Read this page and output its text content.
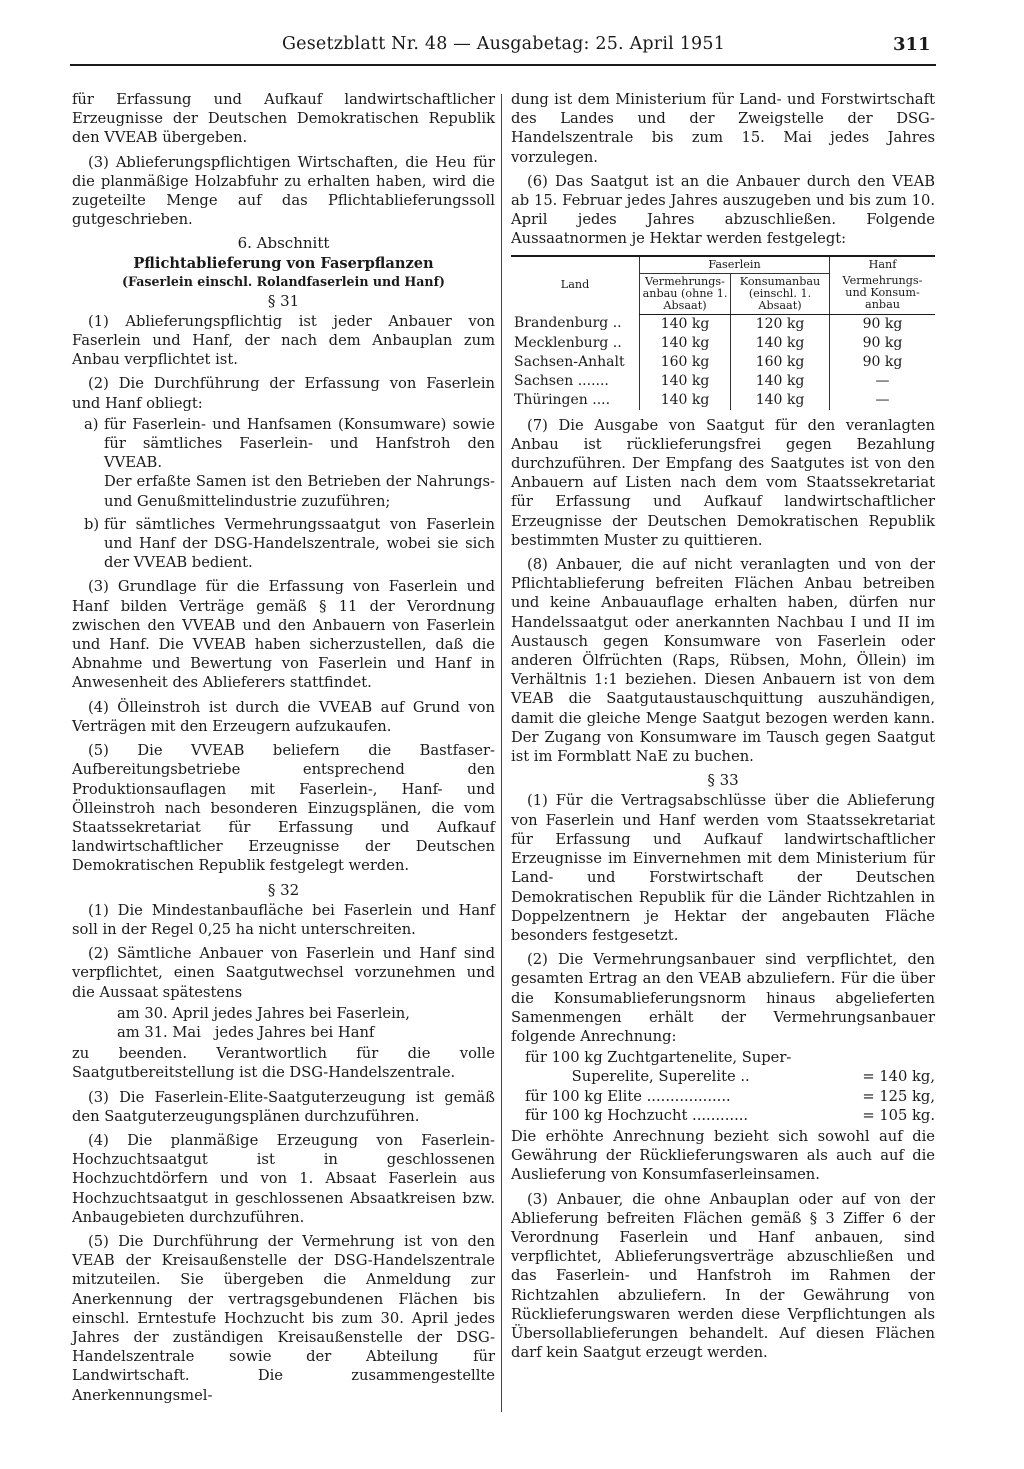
Gesetzblatt Nr. 48 — Ausgabetag: 25. April 1951	311

für Erfassung und Aufkauf landwirtschaftlicher Erzeugnisse der Deutschen Demokratischen Republik den VVEAB übergeben.

(3) Ablieferungspflichtigen Wirtschaften, die Heu für die planmäßige Holzabfuhr zu erhalten haben, wird die zugeteilte Menge auf das Pflichtablieferungssoll gutgeschrieben.

6. Abschnitt
Pflichtablieferung von Faserpflanzen
(Faserlein einschl. Rolandfaserlein und Hanf)
§ 31

(1) Ablieferungspflichtig ist jeder Anbauer von Faserlein und Hanf, der nach dem Anbauplan zum Anbau verpflichtet ist.

(2) Die Durchführung der Erfassung von Faserlein und Hanf obliegt:

a) für Faserlein- und Hanfsamen (Konsumware) sowie für sämtliches Faserlein- und Hanfstroh den VVEAB.

Der erfaßte Samen ist den Betrieben der Nahrungs- und Genußmittelindustrie zuzuführen;

b) für sämtliches Vermehrungssaatgut von Faserlein und Hanf der DSG-Handelszentrale, wobei sie sich der VVEAB bedient.

(3) Grundlage für die Erfassung von Faserlein und Hanf bilden Verträge gemäß § 11 der Verordnung zwischen den VVEAB und den Anbauern von Faserlein und Hanf. Die VVEAB haben sicherzustellen, daß die Abnahme und Bewertung von Faserlein und Hanf in Anwesenheit des Ablieferers stattfindet.

(4) Ölleinstroh ist durch die VVEAB auf Grund von Verträgen mit den Erzeugern aufzukaufen.

(5) Die VVEAB beliefern die Bastfaser-Aufbereitungsbetriebe entsprechend den Produktionsauflagen mit Faserlein-, Hanf- und Ölleinstroh nach besonderen Einzugsplänen, die vom Staatssekretariat für Erfassung und Aufkauf landwirtschaftlicher Erzeugnisse der Deutschen Demokratischen Republik festgelegt werden.

§ 32

(1) Die Mindestanbaufläche bei Faserlein und Hanf soll in der Regel 0,25 ha nicht unterschreiten.

(2) Sämtliche Anbauer von Faserlein und Hanf sind verpflichtet, einen Saatgutwechsel vorzunehmen und die Aussaat spätestens

am 30. April jedes Jahres bei Faserlein,
am 31. Mai   jedes Jahres bei Hanf

zu beenden. Verantwortlich für die volle Saatgutbereitstellung ist die DSG-Handelszentrale.

(3) Die Faserlein-Elite-Saatguterzeugung ist gemäß den Saatguterzeugungsplänen durchzuführen.

(4) Die planmäßige Erzeugung von Faserlein-Hochzuchtsaatgut ist in geschlossenen Hochzuchtdörfern und von 1. Absaat Faserlein aus Hochzuchtsaatgut in geschlossenen Absaatkreisen bzw. Anbaugebieten durchzuführen.

(5) Die Durchführung der Vermehrung ist von den VEAB der Kreisaußenstelle der DSG-Handelszentrale mitzuteilen. Sie übergeben die Anmeldung zur Anerkennung der vertragsgebundenen Flächen bis einschl. Erntestufe Hochzucht bis zum 30. April jedes Jahres der zuständigen Kreisaußenstelle der DSG-Handelszentrale sowie der Abteilung für Landwirtschaft. Die zusammengestellte Anerkennungsmel-

dung ist dem Ministerium für Land- und Forstwirtschaft des Landes und der Zweigstelle der DSG-Handelszentrale bis zum 15. Mai jedes Jahres vorzulegen.

(6) Das Saatgut ist an die Anbauer durch den VEAB ab 15. Februar jedes Jahres auszugeben und bis zum 10. April jedes Jahres abzuschließen. Folgende Aussaatnormen je Hektar werden festgelegt:

Land	Faserlein		Hanf
	Vermehrungs-anbau (ohne 1. Absaat)	Konsumanbau (einschl. 1. Absaat)	Vermehrungs- und Konsum-anbau
Brandenburg ..	140 kg	120 kg	90 kg
Mecklenburg ..	140 kg	140 kg	90 kg
Sachsen-Anhalt	160 kg	160 kg	90 kg
Sachsen .......	140 kg	140 kg	—
Thüringen ....	140 kg	140 kg	—

(7) Die Ausgabe von Saatgut für den veranlagten Anbau ist rücklieferungsfrei gegen Bezahlung durchzuführen. Der Empfang des Saatgutes ist von den Anbauern auf Listen nach dem vom Staatssekretariat für Erfassung und Aufkauf landwirtschaftlicher Erzeugnisse der Deutschen Demokratischen Republik bestimmten Muster zu quittieren.

(8) Anbauer, die auf nicht veranlagten und von der Pflichtablieferung befreiten Flächen Anbau betreiben und keine Anbauauflage erhalten haben, dürfen nur Handelssaatgut oder anerkannten Nachbau I und II im Austausch gegen Konsumware von Faserlein oder anderen Ölfrüchten (Raps, Rübsen, Mohn, Öllein) im Verhältnis 1:1 beziehen. Diesen Anbauern ist von dem VEAB die Saatgutaustauschquittung auszuhändigen, damit die gleiche Menge Saatgut bezogen werden kann. Der Zugang von Konsumware im Tausch gegen Saatgut ist im Formblatt NaE zu buchen.

§ 33

(1) Für die Vertragsabschlüsse über die Ablieferung von Faserlein und Hanf werden vom Staatssekretariat für Erfassung und Aufkauf landwirtschaftlicher Erzeugnisse im Einvernehmen mit dem Ministerium für Land- und Forstwirtschaft der Deutschen Demokratischen Republik für die Länder Richtzahlen in Doppelzentnern je Hektar der angebauten Fläche besonders festgesetzt.

(2) Die Vermehrungsanbauer sind verpflichtet, den gesamten Ertrag an den VEAB abzuliefern. Für die über die Konsumablieferungsnorm hinaus abgelieferten Samenmengen erhält der Vermehrungsanbauer folgende Anrechnung:

für 100 kg Zuchtgartenelite, Super-
Superelite, Superelite ..	= 140 kg,
für 100 kg Elite ..................	= 125 kg,
für 100 kg Hochzucht ............	= 105 kg.

Die erhöhte Anrechnung bezieht sich sowohl auf die Gewährung der Rücklieferungswaren als auch auf die Auslieferung von Konsumfaserleinsamen.

(3) Anbauer, die ohne Anbauplan oder auf von der Ablieferung befreiten Flächen gemäß § 3 Ziffer 6 der Verordnung Faserlein und Hanf anbauen, sind verpflichtet, Ablieferungsverträge abzuschließen und das Faserlein- und Hanfstroh im Rahmen der Richtzahlen abzuliefern. In der Gewährung von Rücklieferungswaren werden diese Verpflichtungen als Übersollablieferungen behandelt. Auf diesen Flächen darf kein Saatgut erzeugt werden.
